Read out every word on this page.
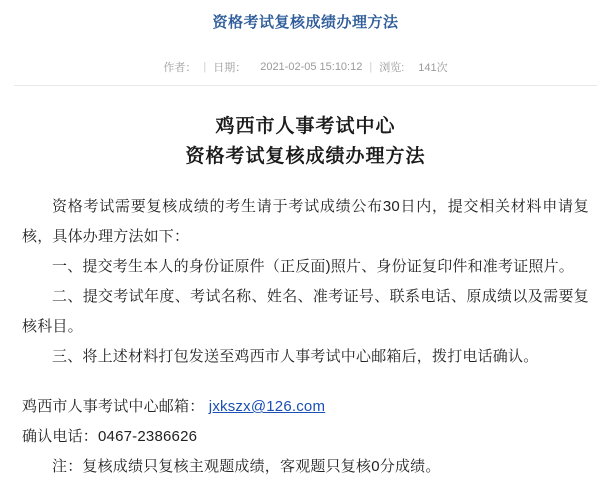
资格考试复核成绩办理方法
作者： | 日期：	2021-02-05 15:10:12 | 浏览:	141次
鸡西市人事考试中心
资格考试复核成绩办理方法

资格考试需要复核成绩的考生请于考试成绩公布30日内，提交相关材料申请复核，具体办理方法如下：

一、提交考生本人的身份证原件（正反面)照片、身份证复印件和准考证照片。

二、提交考试年度、考试名称、姓名、准考证号、联系电话、原成绩以及需要复核科目。

三、将上述材料打包发送至鸡西市人事考试中心邮箱后，拨打电话确认。

鸡西市人事考试中心邮箱： jxkszx@126.com

确认电话：0467-2386626

注：复核成绩只复核主观题成绩，客观题只复核0分成绩。
